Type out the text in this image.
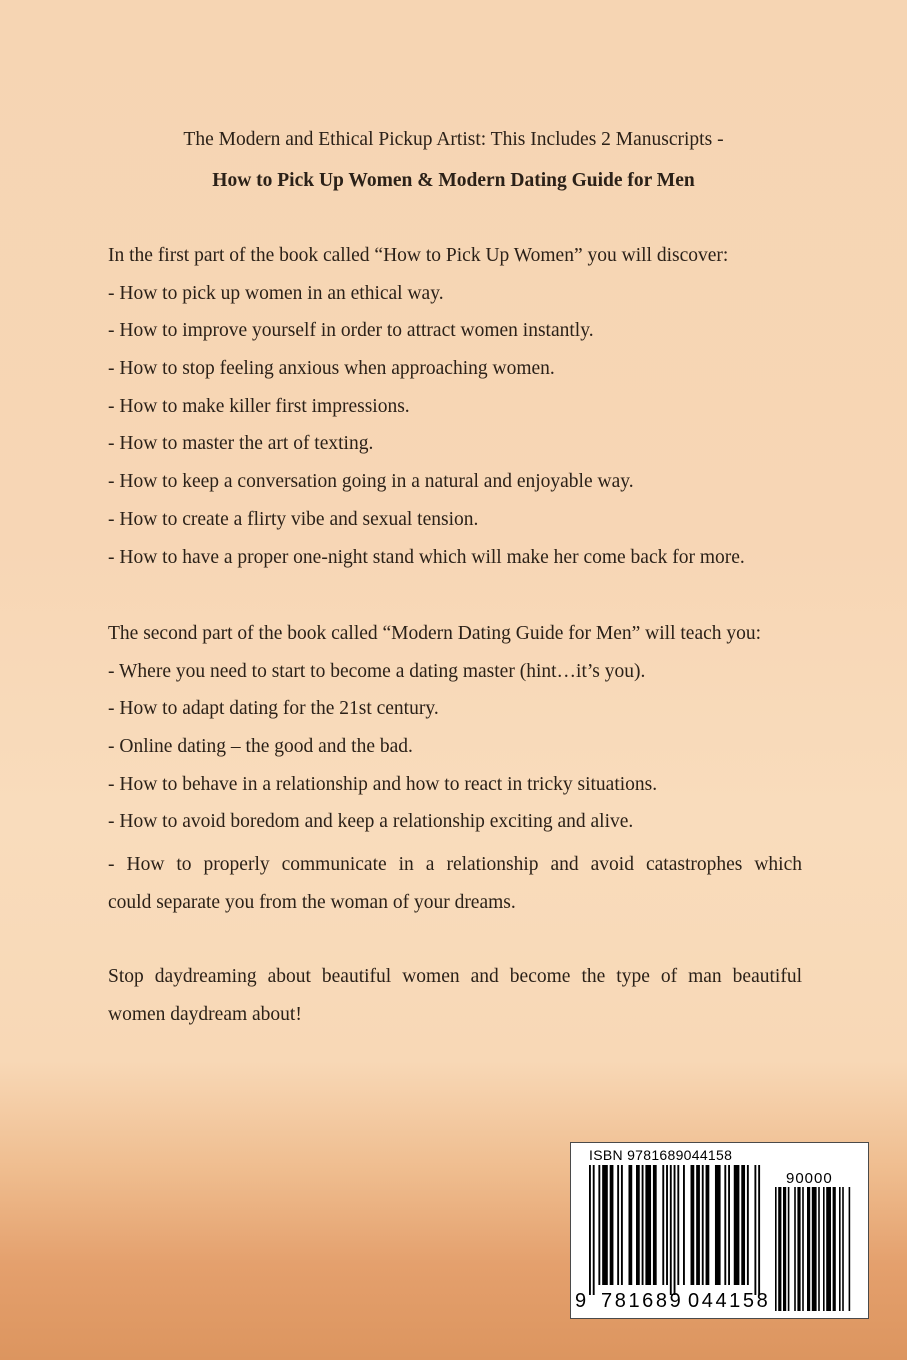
The Modern and Ethical Pickup Artist: This Includes 2 Manuscripts -
How to Pick Up Women & Modern Dating Guide for Men
In the first part of the book called “How to Pick Up Women” you will discover:
- How to pick up women in an ethical way.
- How to improve yourself in order to attract women instantly.
- How to stop feeling anxious when approaching women.
- How to make killer first impressions.
- How to master the art of texting.
- How to keep a conversation going in a natural and enjoyable way.
- How to create a flirty vibe and sexual tension.
- How to have a proper one-night stand which will make her come back for more.
The second part of the book called “Modern Dating Guide for Men” will teach you:
- Where you need to start to become a dating master (hint…it’s you).
- How to adapt dating for the 21st century.
- Online dating – the good and the bad.
- How to behave in a relationship and how to react in tricky situations.
- How to avoid boredom and keep a relationship exciting and alive.
- How to properly communicate in a relationship and avoid catastrophes which
could separate you from the woman of your dreams.
Stop daydreaming about beautiful women and become the type of man beautiful
women daydream about!
ISBN 9781689044158
90000
9 781689 044158
